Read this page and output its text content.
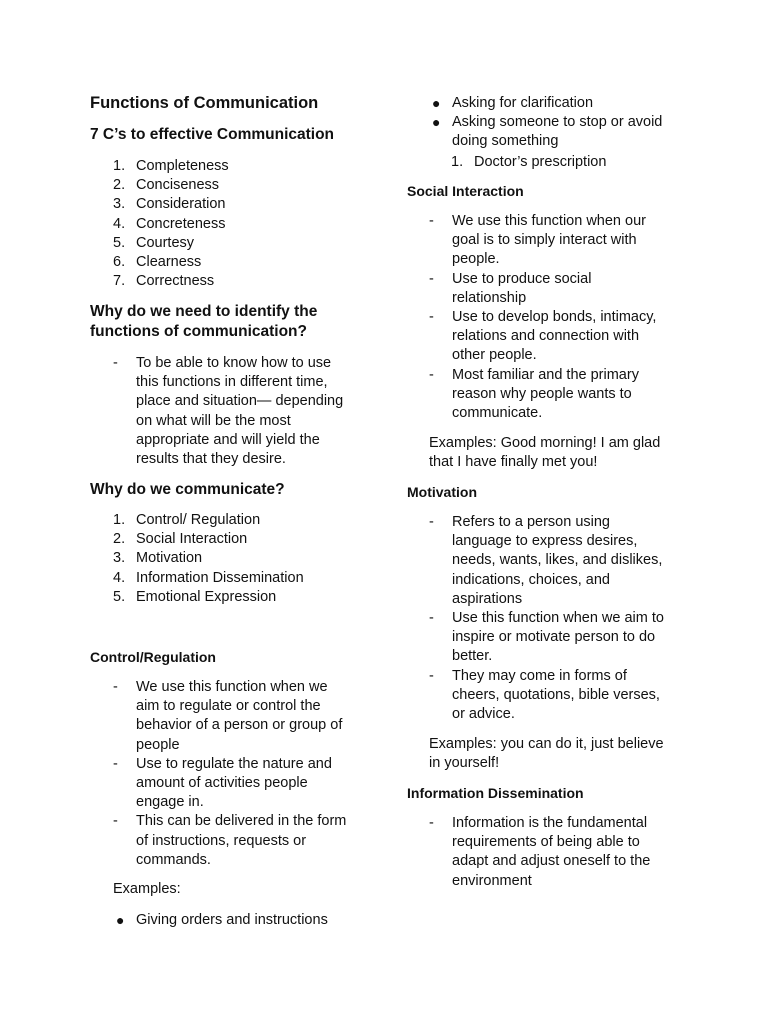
Functions of Communication
7 C’s to effective Communication
1. Completeness
2. Conciseness
3. Consideration
4. Concreteness
5. Courtesy
6. Clearness
7. Correctness
Why do we need to identify the
functions of communication?
- To be able to know how to use
this functions in different time,
place and situation— depending
on what will be the most
appropriate and will yield the
results that they desire.
Why do we communicate?
1. Control/ Regulation
2. Social Interaction
3. Motivation
4. Information Dissemination
5. Emotional Expression
Control/Regulation
- We use this function when we
aim to regulate or control the
behavior of a person or group of
people
- Use to regulate the nature and
amount of activities people
engage in.
- This can be delivered in the form
of instructions, requests or
commands.
Examples:
● Giving orders and instructions
● Asking for clarification
● Asking someone to stop or avoid
doing something
1. Doctor’s prescription
Social Interaction
- We use this function when our
goal is to simply interact with
people.
- Use to produce social
relationship
- Use to develop bonds, intimacy,
relations and connection with
other people.
- Most familiar and the primary
reason why people wants to
communicate.
Examples: Good morning! I am glad
that I have finally met you!
Motivation
- Refers to a person using
language to express desires,
needs, wants, likes, and dislikes,
indications, choices, and
aspirations
- Use this function when we aim to
inspire or motivate person to do
better.
- They may come in forms of
cheers, quotations, bible verses,
or advice.
Examples: you can do it, just believe
in yourself!
Information Dissemination
- Information is the fundamental
requirements of being able to
adapt and adjust oneself to the
environment
